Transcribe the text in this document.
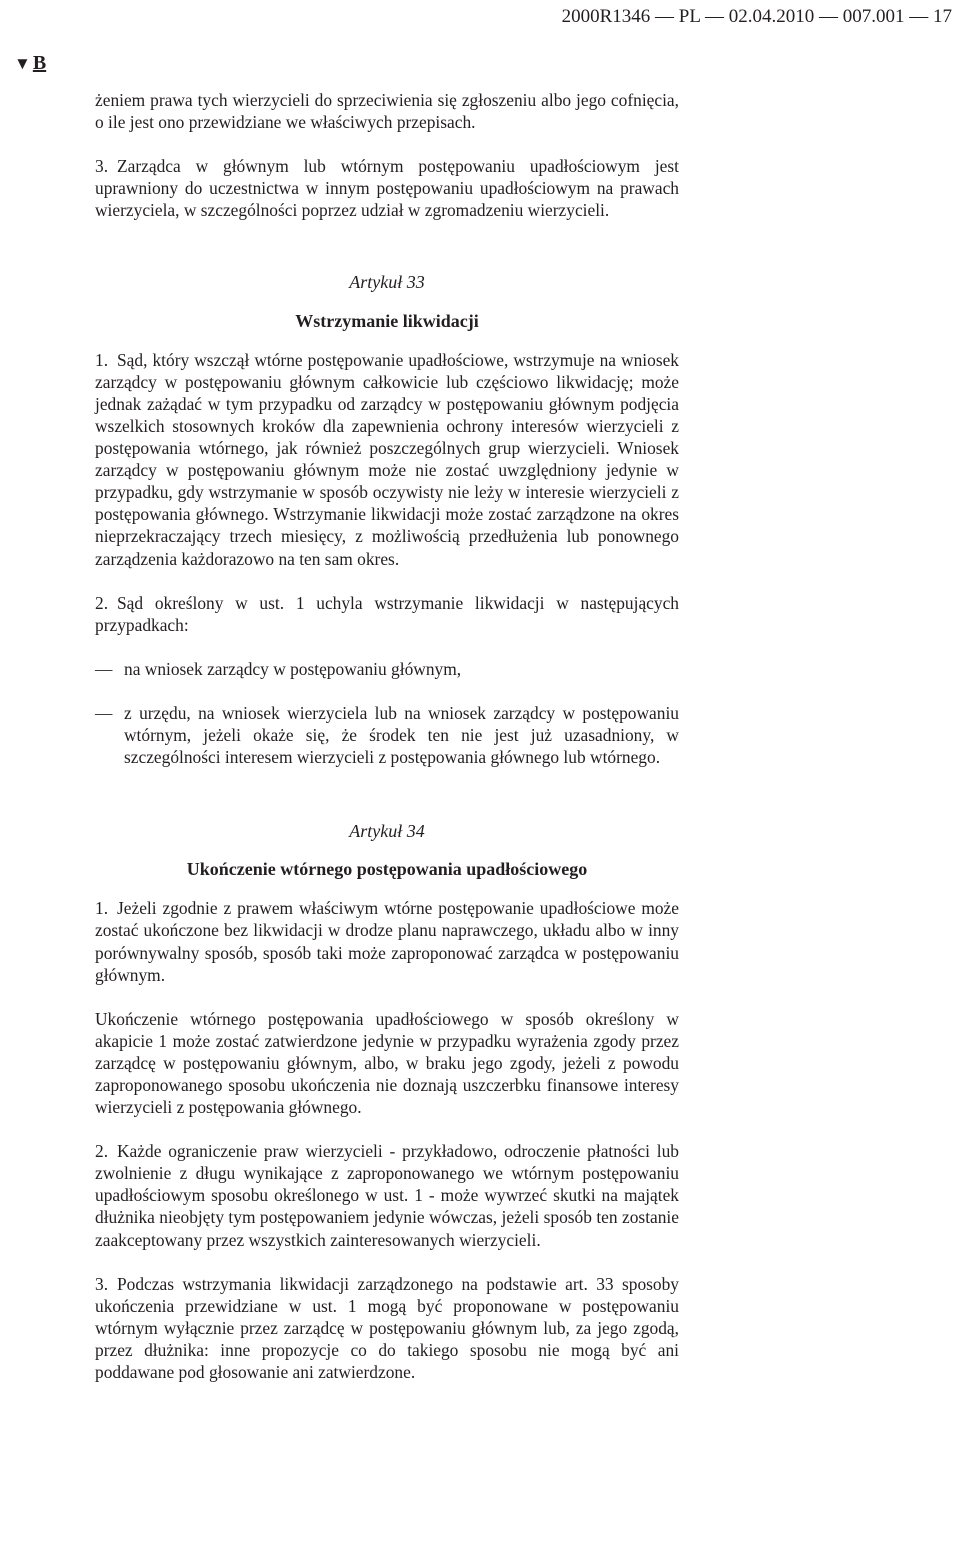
2000R1346 — PL — 02.04.2010 — 007.001 — 17
▼ B

żeniem prawa tych wierzycieli do sprzeciwienia się zgłoszeniu albo jego cofnięcia, o ile jest ono przewidziane we właściwych przepisach.

3. Zarządca w głównym lub wtórnym postępowaniu upadłościowym jest uprawniony do uczestnictwa w innym postępowaniu upadłościowym na prawach wierzyciela, w szczególności poprzez udział w zgromadzeniu wierzycieli.

Artykuł 33

Wstrzymanie likwidacji

1. Sąd, który wszczął wtórne postępowanie upadłościowe, wstrzymuje na wniosek zarządcy w postępowaniu głównym całkowicie lub częściowo likwidację; może jednak zażądać w tym przypadku od zarządcy w postępowaniu głównym podjęcia wszelkich stosownych kroków dla zapewnienia ochrony interesów wierzycieli z postępowania wtórnego, jak również poszczególnych grup wierzycieli. Wniosek zarządcy w postępowaniu głównym może nie zostać uwzględniony jedynie w przypadku, gdy wstrzymanie w sposób oczywisty nie leży w interesie wierzycieli z postępowania głównego. Wstrzymanie likwidacji może zostać zarządzone na okres nieprzekraczający trzech miesięcy, z możliwością przedłużenia lub ponownego zarządzenia każdorazowo na ten sam okres.

2. Sąd określony w ust. 1 uchyla wstrzymanie likwidacji w następujących przypadkach:

— na wniosek zarządcy w postępowaniu głównym,

— z urzędu, na wniosek wierzyciela lub na wniosek zarządcy w postępowaniu wtórnym, jeżeli okaże się, że środek ten nie jest już uzasadniony, w szczególności interesem wierzycieli z postępowania głównego lub wtórnego.

Artykuł 34

Ukończenie wtórnego postępowania upadłościowego

1. Jeżeli zgodnie z prawem właściwym wtórne postępowanie upadłościowe może zostać ukończone bez likwidacji w drodze planu naprawczego, układu albo w inny porównywalny sposób, sposób taki może zaproponować zarządca w postępowaniu głównym.

Ukończenie wtórnego postępowania upadłościowego w sposób określony w akapicie 1 może zostać zatwierdzone jedynie w przypadku wyrażenia zgody przez zarządcę w postępowaniu głównym, albo, w braku jego zgody, jeżeli z powodu zaproponowanego sposobu ukończenia nie doznają uszczerbku finansowe interesy wierzycieli z postępowania głównego.

2. Każde ograniczenie praw wierzycieli - przykładowo, odroczenie płatności lub zwolnienie z długu wynikające z zaproponowanego we wtórnym postępowaniu upadłościowym sposobu określonego w ust. 1 - może wywrzeć skutki na majątek dłużnika nieobjęty tym postępowaniem jedynie wówczas, jeżeli sposób ten zostanie zaakceptowany przez wszystkich zainteresowanych wierzycieli.

3. Podczas wstrzymania likwidacji zarządzonego na podstawie art. 33 sposoby ukończenia przewidziane w ust. 1 mogą być proponowane w postępowaniu wtórnym wyłącznie przez zarządcę w postępowaniu głównym lub, za jego zgodą, przez dłużnika: inne propozycje co do takiego sposobu nie mogą być ani poddawane pod głosowanie ani zatwierdzone.
